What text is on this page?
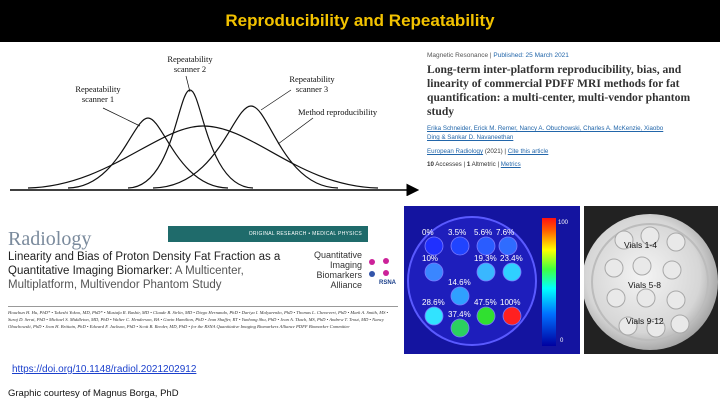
Reproducibility and Repeatability
Repeatability scanner 1
Repeatability scanner 2
Repeatability scanner 3
Method reproducibility
Magnetic Resonance | Published: 25 March 2021
Long-term inter-platform reproducibility, bias, and linearity of commercial PDFF MRI methods for fat quantification: a multi-center, multi-vendor phantom study
Erika Schneider, Erick M. Remer, Nancy A. Obuchowski, Charles A. McKenzie, Xiaobo
Ding & Sankar D. Navaneethan
European Radiology (2021) | Cite this article
10 Accesses | 1 Altmetric | Metrics
Radiology	ORIGINAL RESEARCH • MEDICAL PHYSICS
Linearity and Bias of Proton Density Fat Fraction as a Quantitative Imaging Biomarker: A Multicenter, Multiplatform, Multivendor Phantom Study
Quantitative
Imaging
Biomarkers
Alliance	RSNA
Houchun H. Hu, PhD* • Takeshi Yokoo, MD, PhD* • Mustafa R. Bashir, MD • Claude B. Sirlin, MD • Diego Hernando, PhD • Dariya I. Malyarenko, PhD • Thomas L. Chenevert, PhD • Mark A. Smith, MS • Suraj D. Serai, PhD • Michael S. Middleton, MD, PhD • Walter C. Henderson, BA • Gavin Hamilton, PhD • Jean Shaffer, RT • Yunhong Shu, PhD • Jean A. Tkach, MS, PhD • Andrew T. Trout, MD • Nancy Obuchowski, PhD • Jean H. Brittain, PhD • Edward F. Jackson, PhD • Scott B. Reeder, MD, PhD • for the RSNA Quantitative Imaging Biomarkers Alliance PDFF Biomarker Committee
https://doi.org/10.1148/radiol.2021202912
Graphic courtesy of Magnus Borga, PhD
100
0
0% 3.5% 5.6% 7.6%
10%	19.3% 23.4%
14.6%
28.6%
37.4%
47.5% 100%
Vials 1-4
Vials 5-8
Vials 9-12
